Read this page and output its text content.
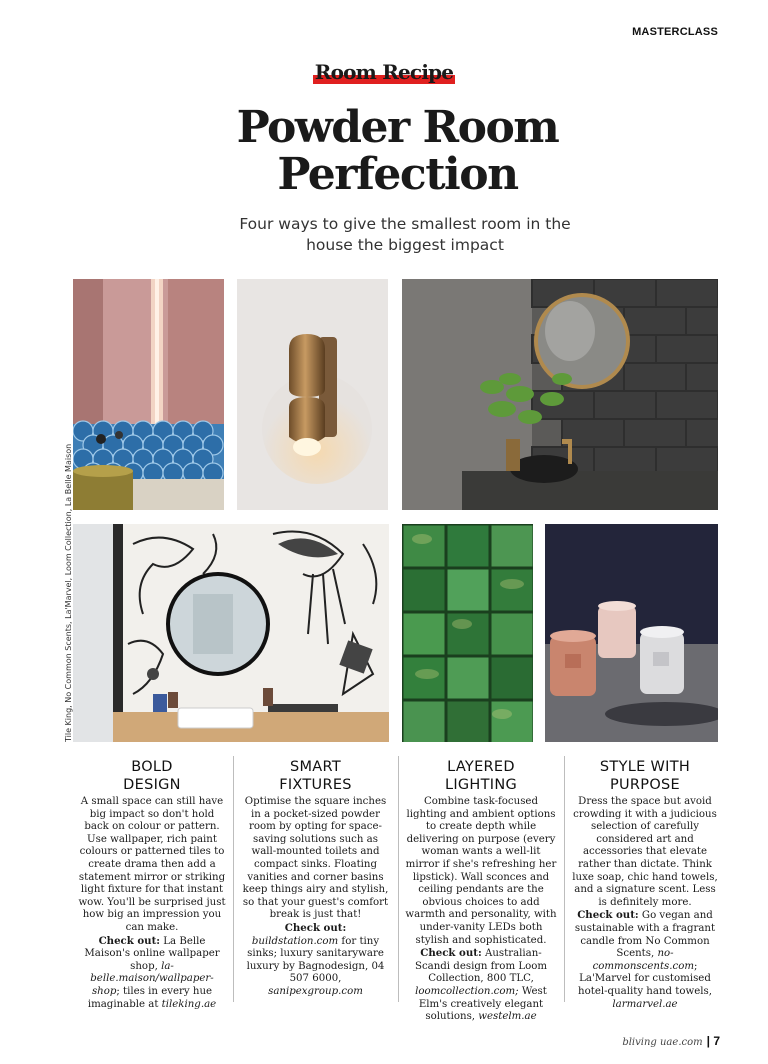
MASTERCLASS
Room Recipe
Powder Room
Perfection
Four ways to give the smallest room in the
house the biggest impact
Tile King, No Common Scents, La'Marvel, Loom Collection, La Belle Maison
BOLD
DESIGN

A small space can still have big impact so don't hold back on colour or pattern. Use wallpaper, rich paint colours or patterned tiles to create drama then add a statement mirror or striking light fixture for that instant wow. You'll be surprised just how big an impression you can make.

Check out: La Belle Maison's online wallpaper shop, la-belle.maison/wallpaper-shop; tiles in every hue imaginable at tileking.ae

SMART
FIXTURES

Optimise the square inches in a pocket-sized powder room by opting for space-saving solutions such as wall-mounted toilets and compact sinks. Floating vanities and corner basins keep things airy and stylish, so that your guest's comfort break is just that!

Check out: buildstation.com for tiny sinks; luxury sanitaryware luxury by Bagnodesign, 04 507 6000, sanipexgroup.com

LAYERED
LIGHTING

Combine task-focused lighting and ambient options to create depth while delivering on purpose (every woman wants a well-lit mirror if she's refreshing her lipstick). Wall sconces and ceiling pendants are the obvious choices to add warmth and personality, with under-vanity LEDs both stylish and sophisticated.

Check out: Australian-Scandi design from Loom Collection, 800 TLC, loomcollection.com; West Elm's creatively elegant solutions, westelm.ae

STYLE WITH
PURPOSE

Dress the space but avoid crowding it with a judicious selection of carefully considered art and accessories that elevate rather than dictate. Think luxe soap, chic hand towels, and a signature scent. Less is definitely more.

Check out: Go vegan and sustainable with a fragrant candle from No Common Scents, no-commonscents.com; La'Marvel for customised hotel-quality hand towels, larmarvel.ae

bliving uae.com | 7
